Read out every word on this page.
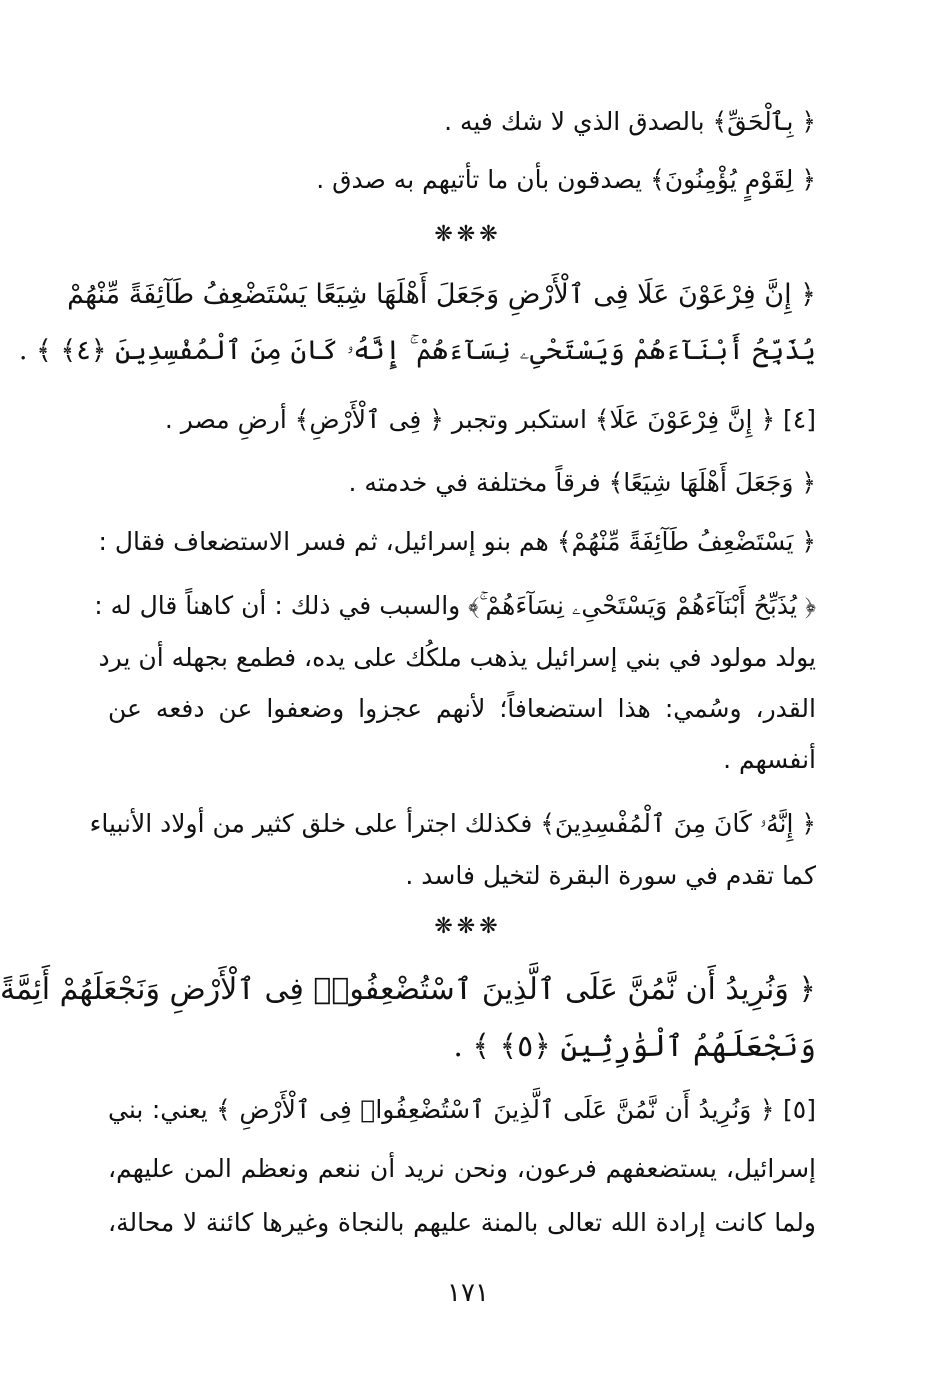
﴿ بِٱلْحَقِّ﴾ بالصدق الذي لا شك فيه .
﴿ لِقَوْمٍ يُؤْمِنُونَ﴾ يصدقون بأن ما تأتيهم به صدق .
❋❋❋
﴿ إِنَّ فِرْعَوْنَ عَلَا فِى ٱلْأَرْضِ وَجَعَلَ أَهْلَهَا شِيَعًا يَسْتَضْعِفُ طَآئِفَةً مِّنْهُمْ
يُذَبِّحُ أَبْنَآءَهُمْ وَيَسْتَحْىِۦ نِسَآءَهُمْ ۚ إِنَّهُۥ كَانَ مِنَ ٱلْمُفْسِدِينَ ﴿٤﴾ ﴾ .
[٤] ﴿ إِنَّ فِرْعَوْنَ عَلَا﴾ استكبر وتجبر ﴿ فِى ٱلْأَرْضِ﴾ أرضِ مصر .
﴿ وَجَعَلَ أَهْلَهَا شِيَعًا﴾ فرقاً مختلفة في خدمته .
﴿ يَسْتَضْعِفُ طَآئِفَةً مِّنْهُمْ﴾ هم بنو إسرائيل، ثم فسر الاستضعاف فقال :
﴿ يُذَبِّحُ أَبْنَآءَهُمْ وَيَسْتَحْىِۦ نِسَآءَهُمْ ۚ﴾ والسبب في ذلك : أن كاهناً قال له :
يولد مولود في بني إسرائيل يذهب ملكُك على يده، فطمع بجهله أن يرد
القدر، وسُمي: هذا استضعافاً؛ لأنهم عجزوا وضعفوا عن دفعه عن
أنفسهم .
﴿ إِنَّهُۥ كَانَ مِنَ ٱلْمُفْسِدِينَ﴾ فكذلك اجترأ على خلق كثير من أولاد الأنبياء
كما تقدم في سورة البقرة لتخيل فاسد .
❋❋❋
﴿ وَنُرِيدُ أَن نَّمُنَّ عَلَى ٱلَّذِينَ ٱسْتُضْعِفُوا۟ فِى ٱلْأَرْضِ وَنَجْعَلَهُمْ أَئِمَّةً
وَنَجْعَلَهُمُ ٱلْوَٰرِثِينَ ﴿٥﴾ ﴾ .
[٥] ﴿ وَنُرِيدُ أَن نَّمُنَّ عَلَى ٱلَّذِينَ ٱسْتُضْعِفُوا۟ فِى ٱلْأَرْضِ ﴾ يعني: بني
إسرائيل، يستضعفهم فرعون، ونحن نريد أن ننعم ونعظم المن عليهم،
ولما كانت إرادة الله تعالى بالمنة عليهم بالنجاة وغيرها كائنة لا محالة،
١٧١
